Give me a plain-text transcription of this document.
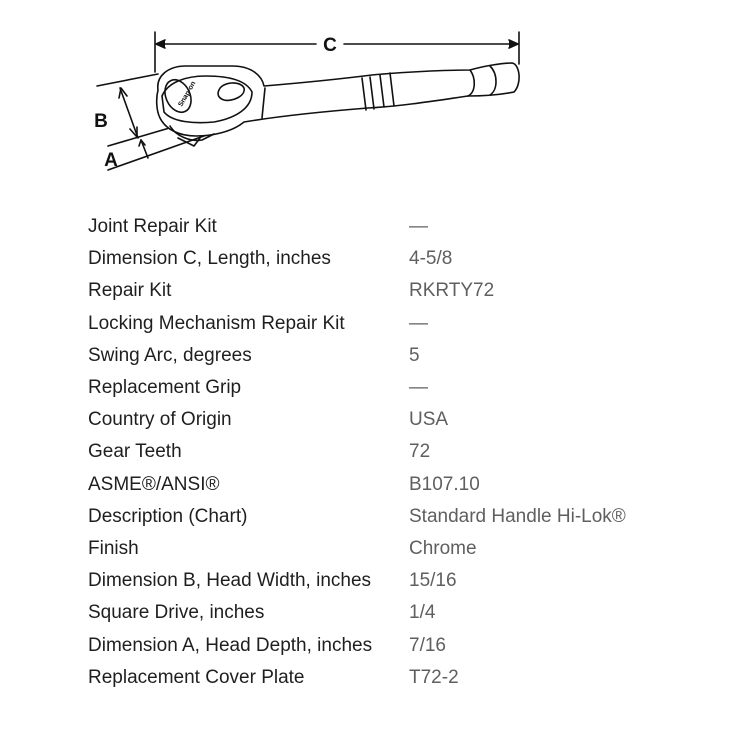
Snap-on
C
B
A
Joint Repair Kit	—
Dimension C, Length, inches	4-5/8
Repair Kit	RKRTY72
Locking Mechanism Repair Kit	—
Swing Arc, degrees	5
Replacement Grip	—
Country of Origin	USA
Gear Teeth	72
ASME®/ANSI®	B107.10
Description (Chart)	Standard Handle Hi-Lok®
Finish	Chrome
Dimension B, Head Width, inches	15/16
Square Drive, inches	1/4
Dimension A, Head Depth, inches	7/16
Replacement Cover Plate	T72-2
